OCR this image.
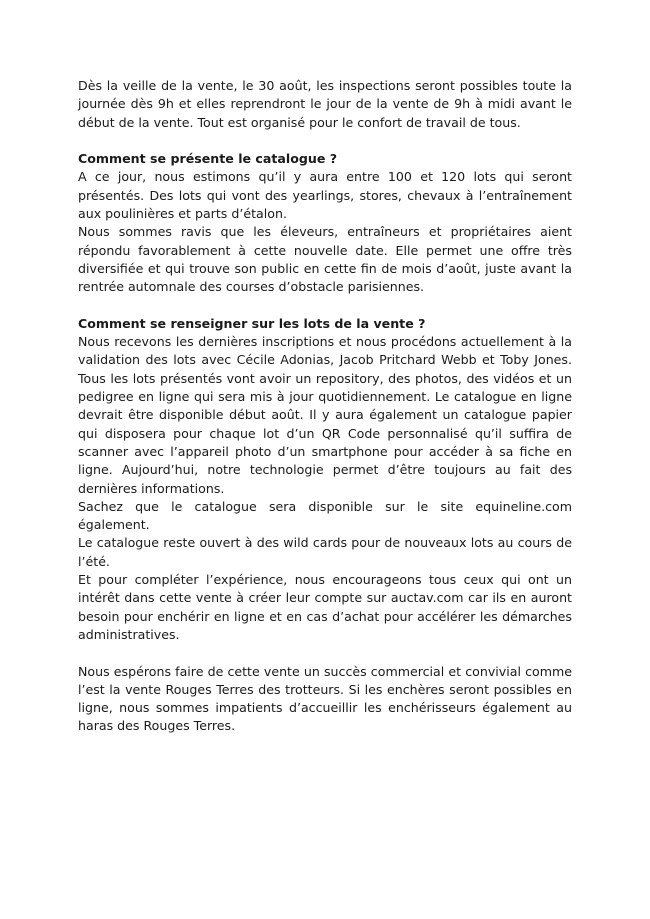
Dès la veille de la vente, le 30 août, les inspections seront possibles toute la journée dès 9h et elles reprendront le jour de la vente de 9h à midi avant le début de la vente. Tout est organisé pour le confort de travail de tous.

Comment se présente le catalogue ?

A ce jour, nous estimons qu’il y aura entre 100 et 120 lots qui seront présentés. Des lots qui vont des yearlings, stores, chevaux à l’entraînement aux poulinières et parts d’étalon.

Nous sommes ravis que les éleveurs, entraîneurs et propriétaires aient répondu favorablement à cette nouvelle date. Elle permet une offre très diversifiée et qui trouve son public en cette fin de mois d’août, juste avant la rentrée automnale des courses d’obstacle parisiennes.

Comment se renseigner sur les lots de la vente ?

Nous recevons les dernières inscriptions et nous procédons actuellement à la validation des lots avec Cécile Adonias, Jacob Pritchard Webb et Toby Jones. Tous les lots présentés vont avoir un repository, des photos, des vidéos et un pedigree en ligne qui sera mis à jour quotidiennement. Le catalogue en ligne devrait être disponible début août. Il y aura également un catalogue papier qui disposera pour chaque lot d’un QR Code personnalisé qu’il suffira de scanner avec l’appareil photo d’un smartphone pour accéder à sa fiche en ligne. Aujourd’hui, notre technologie permet d’être toujours au fait des dernières informations.

Sachez que le catalogue sera disponible sur le site equineline.com également.

Le catalogue reste ouvert à des wild cards pour de nouveaux lots au cours de l’été.

Et pour compléter l’expérience, nous encourageons tous ceux qui ont un intérêt dans cette vente à créer leur compte sur auctav.com car ils en auront besoin pour enchérir en ligne et en cas d’achat pour accélérer les démarches administratives.

Nous espérons faire de cette vente un succès commercial et convivial comme l’est la vente Rouges Terres des trotteurs. Si les enchères seront possibles en ligne, nous sommes impatients d’accueillir les enchérisseurs également au haras des Rouges Terres.
